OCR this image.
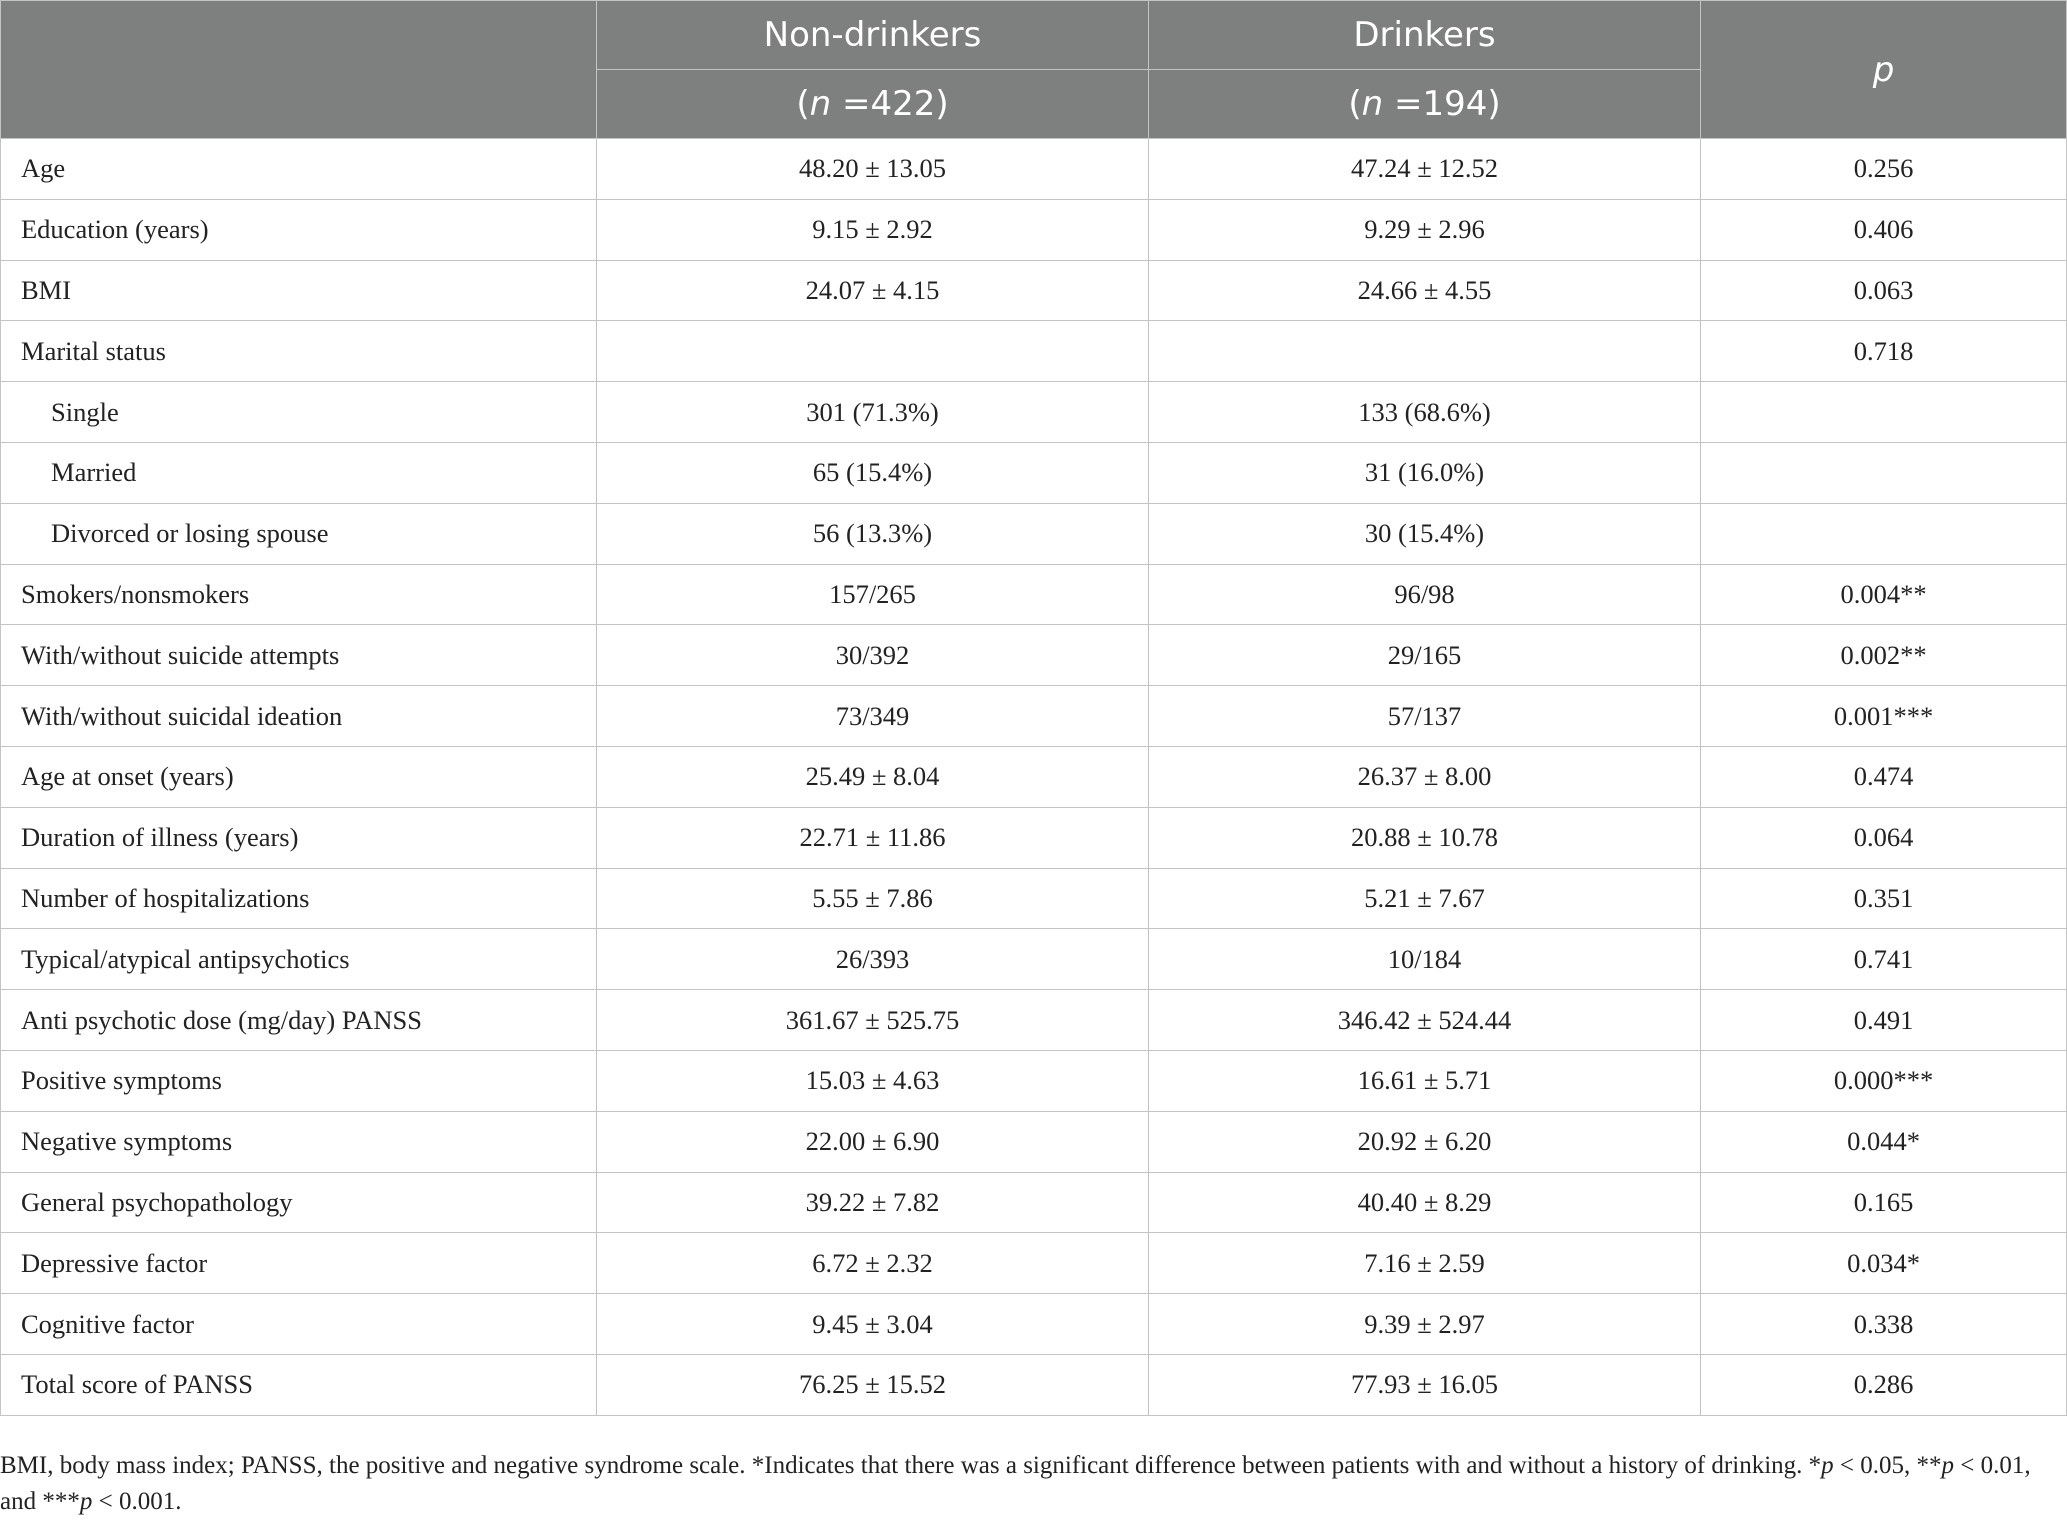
	Non-drinkers	Drinkers	p
	(n =422)	(n =194)	
Age	48.20 ± 13.05	47.24 ± 12.52	0.256
Education (years)	9.15 ± 2.92	9.29 ± 2.96	0.406
BMI	24.07 ± 4.15	24.66 ± 4.55	0.063
Marital status			0.718
Single	301 (71.3%)	133 (68.6%)	
Married	65 (15.4%)	31 (16.0%)	
Divorced or losing spouse	56 (13.3%)	30 (15.4%)	
Smokers/nonsmokers	157/265	96/98	0.004**
With/without suicide attempts	30/392	29/165	0.002**
With/without suicidal ideation	73/349	57/137	0.001***
Age at onset (years)	25.49 ± 8.04	26.37 ± 8.00	0.474
Duration of illness (years)	22.71 ± 11.86	20.88 ± 10.78	0.064
Number of hospitalizations	5.55 ± 7.86	5.21 ± 7.67	0.351
Typical/atypical antipsychotics	26/393	10/184	0.741
Anti psychotic dose (mg/day) PANSS	361.67 ± 525.75	346.42 ± 524.44	0.491
Positive symptoms	15.03 ± 4.63	16.61 ± 5.71	0.000***
Negative symptoms	22.00 ± 6.90	20.92 ± 6.20	0.044*
General psychopathology	39.22 ± 7.82	40.40 ± 8.29	0.165
Depressive factor	6.72 ± 2.32	7.16 ± 2.59	0.034*
Cognitive factor	9.45 ± 3.04	9.39 ± 2.97	0.338
Total score of PANSS	76.25 ± 15.52	77.93 ± 16.05	0.286
BMI, body mass index; PANSS, the positive and negative syndrome scale. *Indicates that there was a significant difference between patients with and without a history of drinking. *p < 0.05, **p < 0.01, and ***p < 0.001.
